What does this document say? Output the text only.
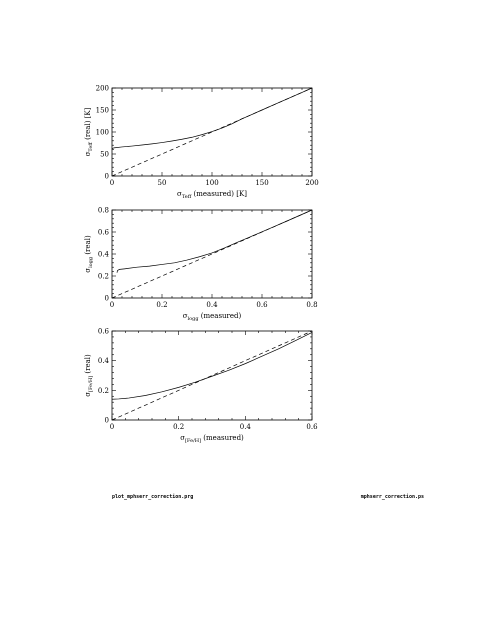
0	50	100	150	200
0
50
100
150
200
$\sigma_{Teff}$ (measured) [K]
$\sigma_{Teff}$ (real) [K]
0	0.2	0.4	0.6	0.8
0
0.2
0.4
0.6
0.8
$\sigma_{logg}$ (measured)
$\sigma_{logg}$ (real)
0	0.2	0.4	0.6
0
0.2
0.4
0.6
$\sigma_{[Fe/H]}$ (measured)
$\sigma_{[Fe/H]}$ (real)
plot_mphserr_correction.prg	mphserr_correction.ps
